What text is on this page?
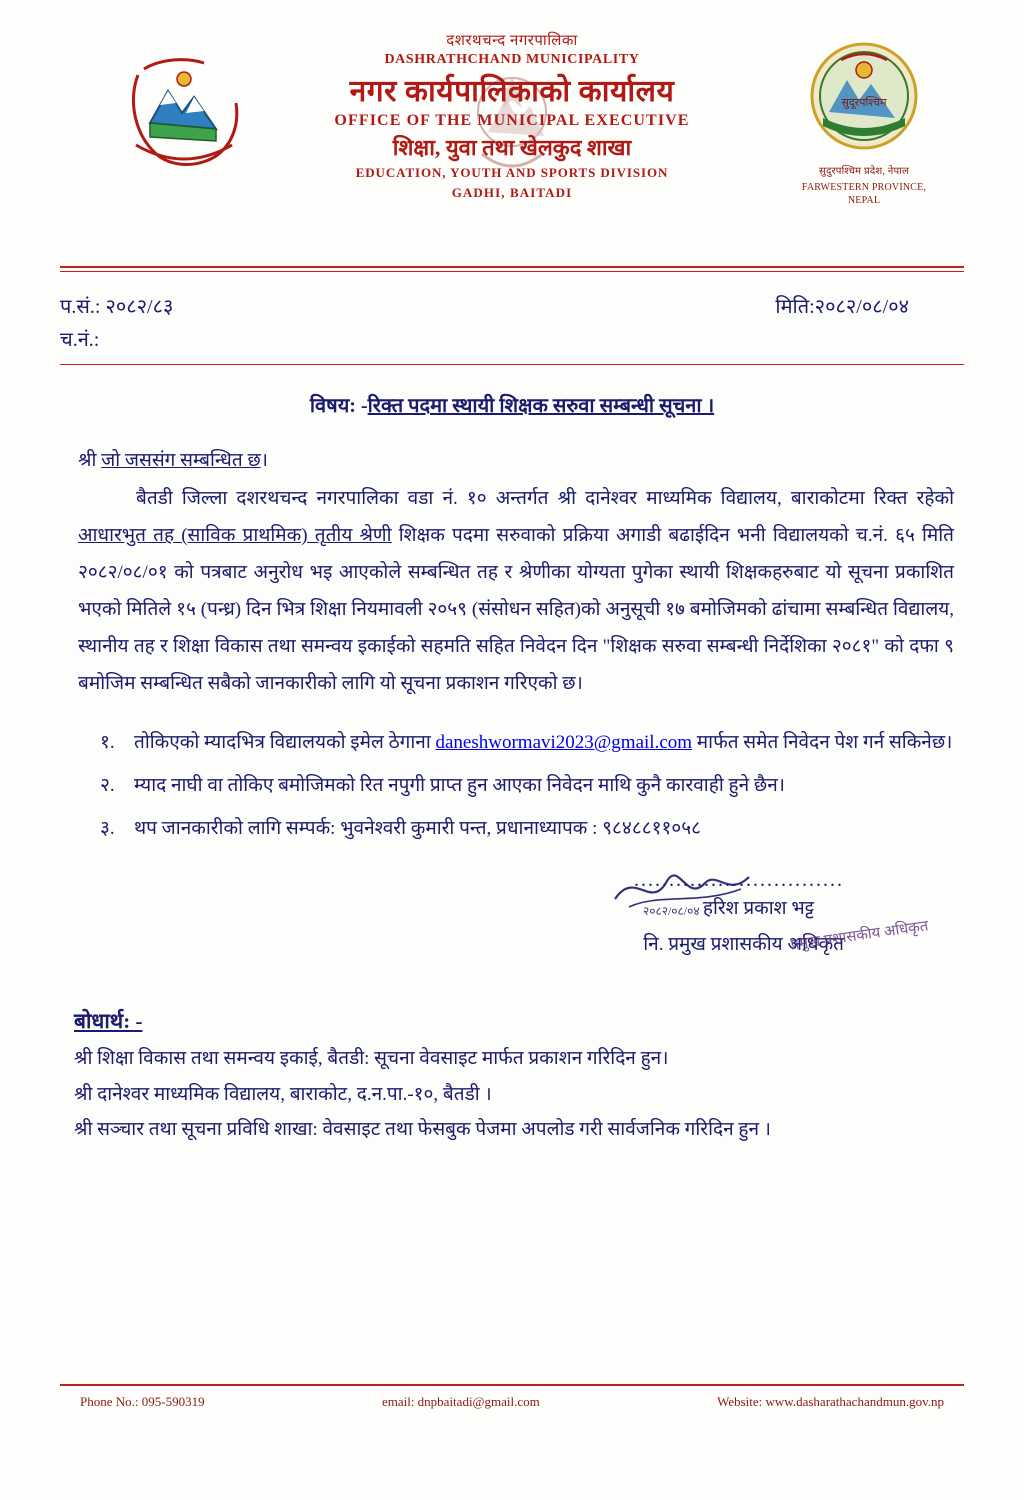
सुदूरपश्चिम
सुदुरपश्चिम प्रदेश, नेपाल
FARWESTERN PROVINCE, NEPAL
दशरथचन्द नगरपालिका
DASHRATHCHAND MUNICIPALITY
नगर कार्यपालिकाको कार्यालय
OFFICE OF THE MUNICIPAL EXECUTIVE
शिक्षा, युवा तथा खेलकुद शाखा
EDUCATION, YOUTH AND SPORTS DIVISION
GADHI, BAITADI
प.सं.: २०८२/८३
च.नं.:
मिति:२०८२/०८/०४
विषय: -रिक्त पदमा स्थायी शिक्षक सरुवा सम्बन्धी सूचना ।
श्री जो जससंग सम्बन्धित छ।

बैतडी जिल्ला दशरथचन्द नगरपालिका वडा नं. १० अन्तर्गत श्री दानेश्वर माध्यमिक विद्यालय, बाराकोटमा रिक्त रहेको आधारभुत तह (साविक प्राथमिक) तृतीय श्रेणी शिक्षक पदमा सरुवाको प्रक्रिया अगाडी बढाईदिन भनी विद्यालयको च.नं. ६५ मिति २०८२/०८/०१ को पत्रबाट अनुरोध भइ आएकोले सम्बन्धित तह र श्रेणीका योग्यता पुगेका स्थायी शिक्षकहरुबाट यो सूचना प्रकाशित भएको मितिले १५ (पन्ध्र) दिन भित्र शिक्षा नियमावली २०५९ (संसोधन सहित)को अनुसूची १७ बमोजिमको ढांचामा सम्बन्धित विद्यालय, स्थानीय तह र शिक्षा विकास तथा समन्वय इकाईको सहमति सहित निवेदन दिन "शिक्षक सरुवा सम्बन्धी निर्देशिका २०८१" को दफा ९ बमोजिम सम्बन्धित सबैको जानकारीको लागि यो सूचना प्रकाशन गरिएको छ।

१. तोकिएको म्यादभित्र विद्यालयको इमेल ठेगाना daneshwormavi2023@gmail.com मार्फत समेत निवेदन पेश गर्न सकिनेछ।
२. म्याद नाघी वा तोकिए बमोजिमको रित नपुगी प्राप्त हुन आएका निवेदन माथि कुनै कारवाही हुने छैन।
३. थप जानकारीको लागि सम्पर्क: भुवनेश्वरी कुमारी पन्त, प्रधानाध्यापक : ९८४८८११०५८
२०८२/०८/०४
..............................
हरिश प्रकाश भट्ट
नि. प्रमुख प्रशासकीय अधिकृत
प्रमुख प्रशासकीय अधिकृत
बोधार्थ: -
श्री शिक्षा विकास तथा समन्वय इकाई, बैतडी: सूचना वेवसाइट मार्फत प्रकाशन गरिदिन हुन।
श्री दानेश्वर माध्यमिक विद्यालय, बाराकोट, द.न.पा.-१०, बैतडी ।
श्री सञ्चार तथा सूचना प्रविधि शाखा: वेवसाइट तथा फेसबुक पेजमा अपलोड गरी सार्वजनिक गरिदिन हुन ।
Phone No.: 095-590319	email: dnpbaitadi@gmail.com	Website: www.dasharathachandmun.gov.np
